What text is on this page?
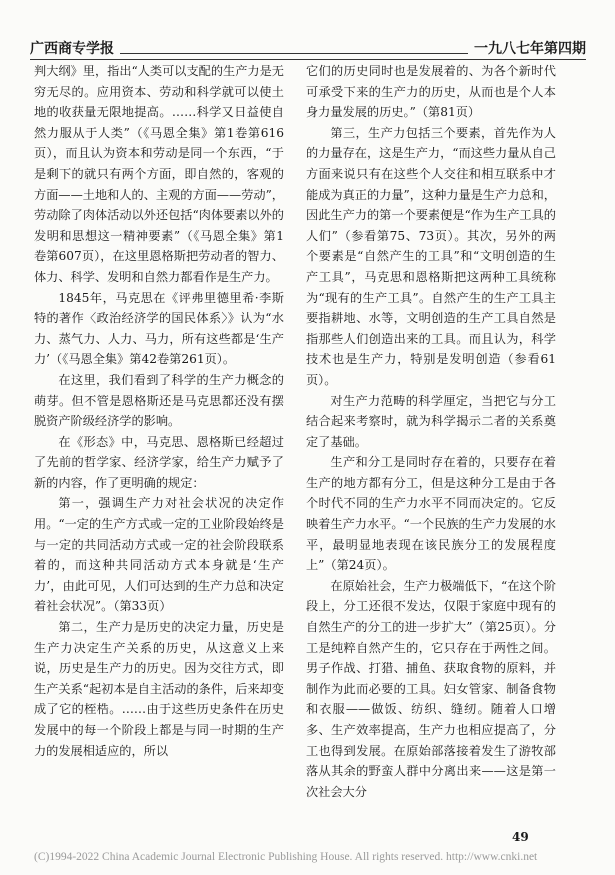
广西商专学报	一九八七年第四期

判大纲》里，指出“人类可以支配的生产力是无穷无尽的。应用资本、劳动和科学就可以使土地的收获量无限地提高。……科学又日益使自然力服从于人类”（《马恩全集》第1卷第616页），而且认为资本和劳动是同一个东西，“于是剩下的就只有两个方面，即自然的，客观的方面——土地和人的、主观的方面——劳动”，劳动除了肉体活动以外还包括“肉体要素以外的发明和思想这一精神要素”（《马恩全集》第1卷第607页），在这里恩格斯把劳动者的智力、体力、科学、发明和自然力都看作是生产力。

1845年，马克思在《评弗里德里希·李斯特的著作〈政治经济学的国民体系〉》认为“水力、蒸气力、人力、马力，所有这些都是‘生产力’（《马恩全集》第42卷第261页）。

在这里，我们看到了科学的生产力概念的萌芽。但不管是恩格斯还是马克思都还没有摆脱资产阶级经济学的影响。

在《形态》中，马克思、恩格斯已经超过了先前的哲学家、经济学家，给生产力赋予了新的内容，作了更明确的规定：

第一，强调生产力对社会状况的决定作用。“一定的生产方式或一定的工业阶段始终是与一定的共同活动方式或一定的社会阶段联系着的，而这种共同活动方式本身就是‘生产力’，由此可见，人们可达到的生产力总和决定着社会状况”。（第33页）

第二，生产力是历史的决定力量，历史是生产力决定生产关系的历史，从这意义上来说，历史是生产力的历史。因为交往方式，即生产关系“起初本是自主活动的条件，后来却变成了它的桎梏。……由于这些历史条件在历史发展中的每一个阶段上都是与同一时期的生产力的发展相适应的，所以

它们的历史同时也是发展着的、为各个新时代可承受下来的生产力的历史，从而也是个人本身力量发展的历史。”（第81页）

第三，生产力包括三个要素，首先作为人的力量存在，这是生产力，“而这些力量从自己方面来说只有在这些个人交往和相互联系中才能成为真正的力量”，这种力量是生产力总和，因此生产力的第一个要素便是“作为生产工具的人们”（参看第75、73页）。其次，另外的两个要素是“自然产生的工具”和“文明创造的生产工具”，马克思和恩格斯把这两种工具统称为“现有的生产工具”。自然产生的生产工具主要指耕地、水等，文明创造的生产工具自然是指那些人们创造出来的工具。而且认为，科学技术也是生产力，特别是发明创造（参看61页）。

对生产力范畴的科学厘定，当把它与分工结合起来考察时，就为科学揭示二者的关系奠定了基础。

生产和分工是同时存在着的，只要存在着生产的地方都有分工，但是这种分工是由于各个时代不同的生产力水平不同而决定的。它反映着生产力水平。“一个民族的生产力发展的水平，最明显地表现在该民族分工的发展程度上”（第24页）。

在原始社会，生产力极端低下，“在这个阶段上，分工还很不发达，仅限于家庭中现有的自然生产的分工的进一步扩大”（第25页）。分工是纯粹自然产生的，它只存在于两性之间。男子作战、打猎、捕鱼、获取食物的原料，并制作为此而必要的工具。妇女管家、制备食物和衣服——做饭、纺织、缝纫。随着人口增多、生产效率提高，生产力也相应提高了，分工也得到发展。在原始部落接着发生了游牧部落从其余的野蛮人群中分离出来——这是第一次社会大分

49
(C)1994-2022 China Academic Journal Electronic Publishing House. All rights reserved. http://www.cnki.net
